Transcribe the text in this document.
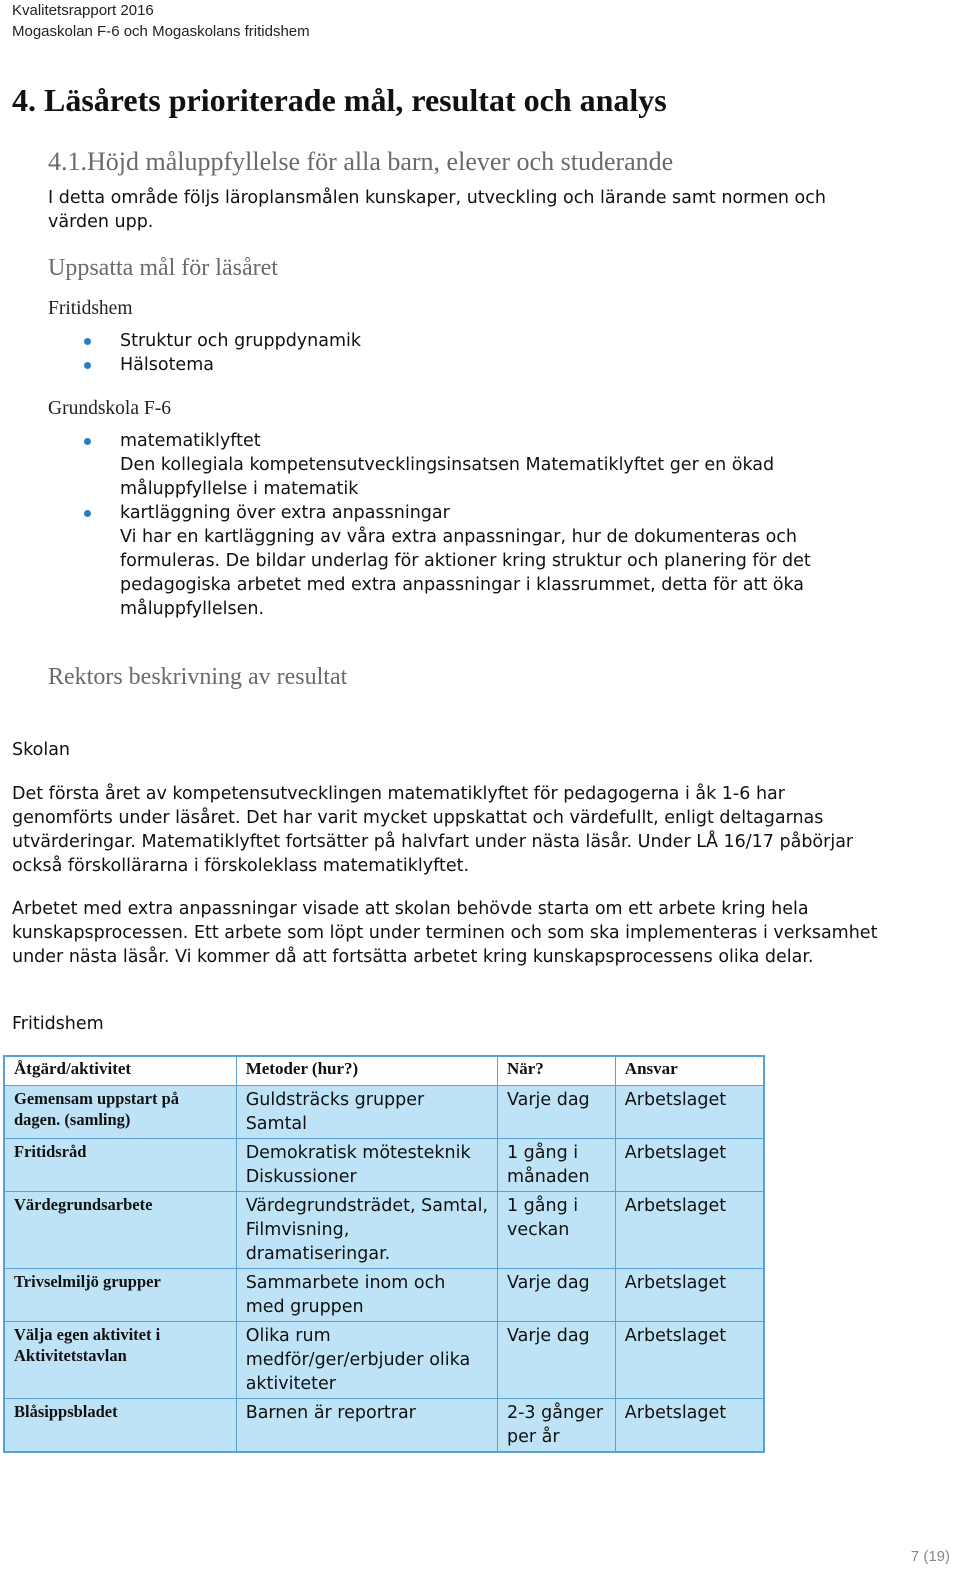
Kvalitetsrapport 2016
Mogaskolan F-6 och Mogaskolans fritidshem
4. Läsårets prioriterade mål, resultat och analys
4.1.Höjd måluppfyllelse för alla barn, elever och studerande
I detta område följs läroplansmålen kunskaper, utveckling och lärande samt normen och värden upp.
Uppsatta mål för läsåret
Fritidshem
Struktur och gruppdynamik
Hälsotema
Grundskola F-6
matematiklyftet
Den kollegiala kompetensutvecklingsinsatsen Matematiklyftet ger en ökad måluppfyllelse i matematik
kartläggning över extra anpassningar
Vi har en kartläggning av våra extra anpassningar, hur de dokumenteras och formuleras. De bildar underlag för aktioner kring struktur och planering för det pedagogiska arbetet med extra anpassningar i klassrummet, detta för att öka måluppfyllelsen.
Rektors beskrivning av resultat
Skolan
Det första året av kompetensutvecklingen matematiklyftet för pedagogerna i åk 1-6 har genomförts under läsåret. Det har varit mycket uppskattat och värdefullt, enligt deltagarnas utvärderingar. Matematiklyftet fortsätter på halvfart under nästa läsår. Under LÅ 16/17 påbörjar också förskollärarna i förskoleklass matematiklyftet.
Arbetet med extra anpassningar visade att skolan behövde starta om ett arbete kring hela kunskapsprocessen. Ett arbete som löpt under terminen och som ska implementeras i verksamhet under nästa läsår. Vi kommer då att fortsätta arbetet kring kunskapsprocessens olika delar.
Fritidshem
Åtgärd/aktivitet	Metoder (hur?)	När?	Ansvar
Gemensam uppstart på dagen. (samling)	Guldsträcks grupper Samtal	Varje dag	Arbetslaget
Fritidsråd	Demokratisk mötesteknik Diskussioner	1 gång i månaden	Arbetslaget
Värdegrundsarbete	Värdegrundsträdet, Samtal, Filmvisning, dramatiseringar.	1 gång i veckan	Arbetslaget
Trivselmiljö grupper	Sammarbete inom och med gruppen	Varje dag	Arbetslaget
Välja egen aktivitet i Aktivitetstavlan	Olika rum medför/ger/erbjuder olika aktiviteter	Varje dag	Arbetslaget
Blåsippsbladet	Barnen är reportrar	2-3 gånger per år	Arbetslaget
7 (19)
